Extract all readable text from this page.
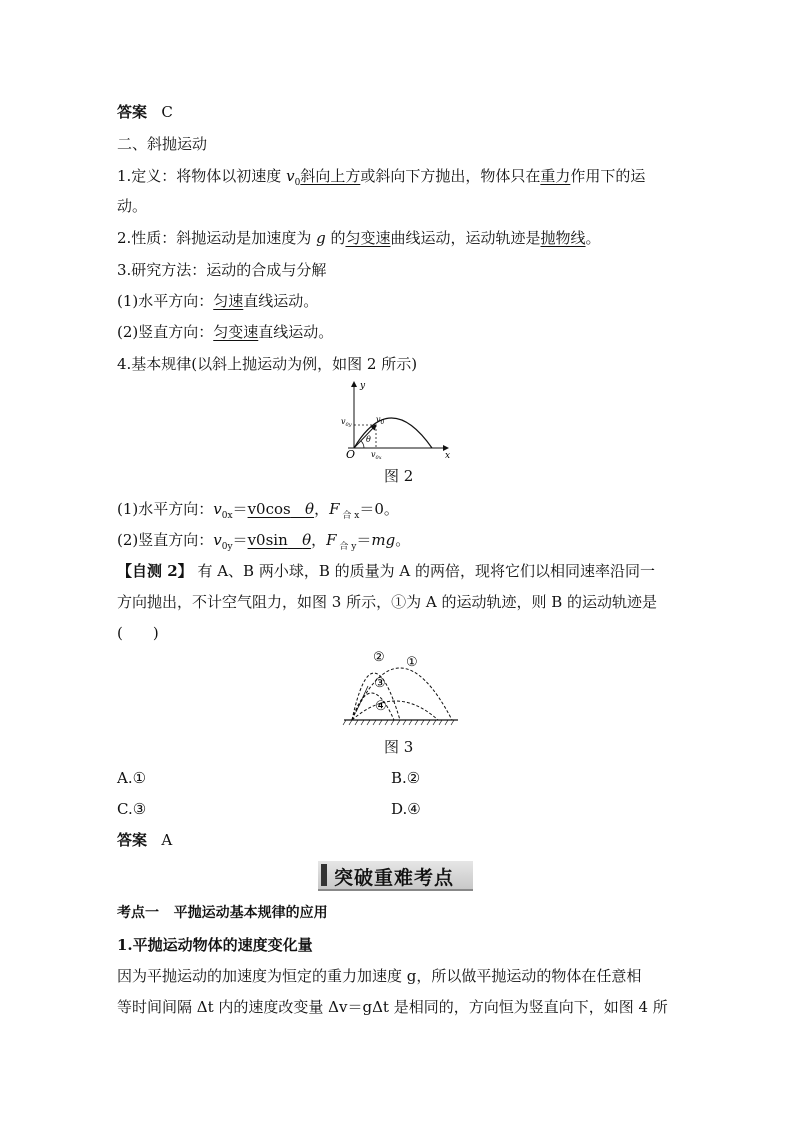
答案 C
二、斜抛运动
1.定义：将物体以初速度 $v_0$斜向上方或斜向下方抛出，物体只在重力作用下的运
动。
2.性质：斜抛运动是加速度为 g 的匀变速曲线运动，运动轨迹是抛物线。
3.研究方法：运动的合成与分解
(1)水平方向：匀速直线运动。
(2)竖直方向：匀变速直线运动。
4.基本规律(以斜上抛运动为例，如图 2 所示)
y
x
O
$v_0$
$v_{0y}$
$v_{0x}$
θ
图 2
(1)水平方向：$v_{0x}=v0\cos$ θ，F $_{合 x}$＝0。
(2)竖直方向：$v_{0y}=v0\sin$ θ，F $_{合 y}$＝mg。
【自测 2】 有 A、B 两小球，B 的质量为 A 的两倍，现将它们以相同速率沿同一
方向抛出，不计空气阻力，如图 3 所示，①为 A 的运动轨迹，则 B 的运动轨迹是
(　　)
①
②
③
④
图 3
A.①	B.②
C.③	D.④
答案 A
突破重难考点
考点一 平抛运动基本规律的应用
1.平抛运动物体的速度变化量
因为平抛运动的加速度为恒定的重力加速度 g，所以做平抛运动的物体在任意相
等时间间隔 Δt 内的速度改变量 Δv＝gΔt 是相同的，方向恒为竖直向下，如图 4 所
